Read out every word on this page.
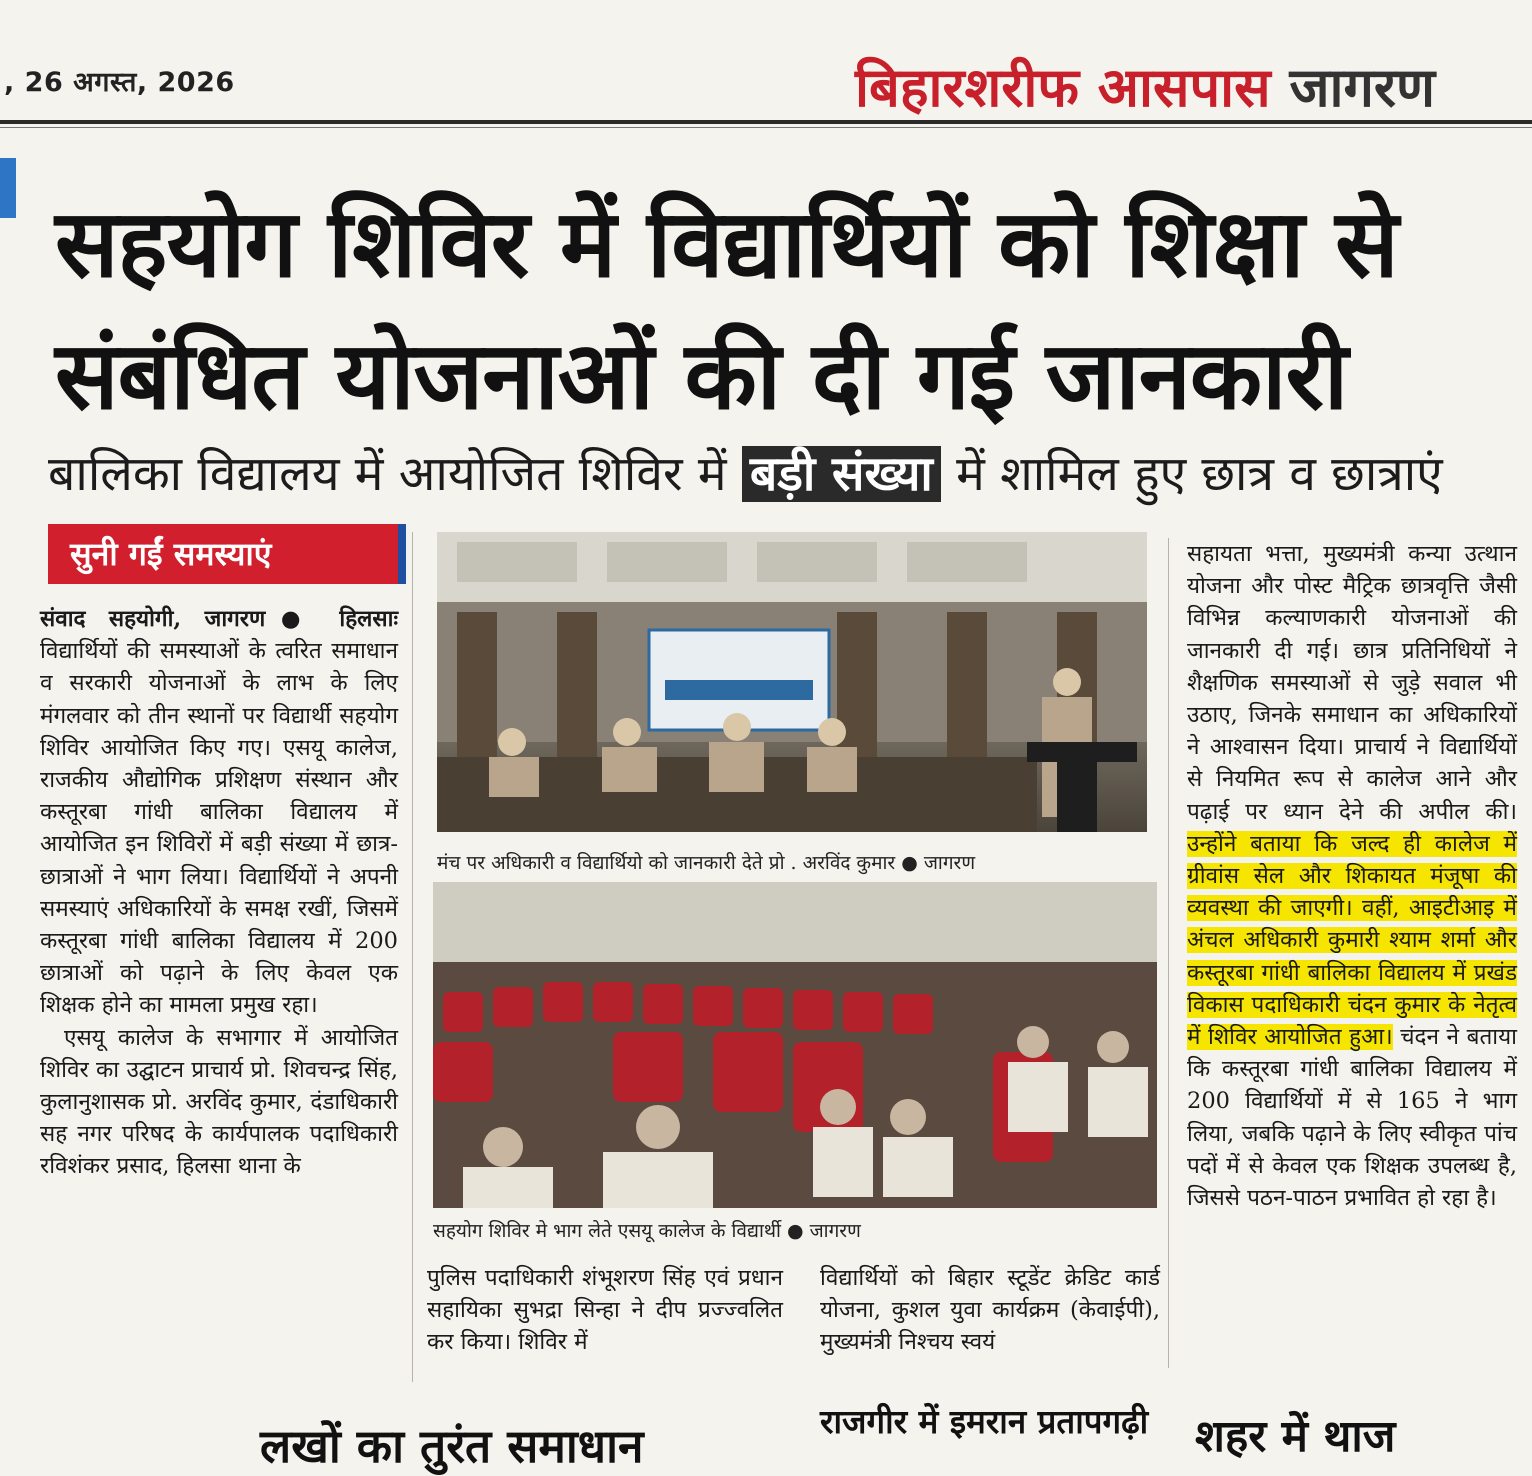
, 26 अगस्त, 2026	बिहारशरीफ आसपास जागरण
सहयोग शिविर में विद्यार्थियों को शिक्षा से
संबंधित योजनाओं की दी गई जानकारी
बालिका विद्यालय में आयोजित शिविर में बड़ी संख्या में शामिल हुए छात्र व छात्राएं
सुनी गईं समस्याएं

संवाद सहयोगी, जागरण● हिलसाः विद्यार्थियों की समस्याओं के त्वरित समाधान व सरकारी योजनाओं के लाभ के लिए मंगलवार को तीन स्थानों पर विद्यार्थी सहयोग शिविर आयोजित किए गए। एसयू कालेज, राजकीय औद्योगिक प्रशिक्षण संस्थान और कस्तूरबा गांधी बालिका विद्यालय में आयोजित इन शिविरों में बड़ी संख्या में छात्र-छात्राओं ने भाग लिया। विद्यार्थियों ने अपनी समस्याएं अधिकारियों के समक्ष रखीं, जिसमें कस्तूरबा गांधी बालिका विद्यालय में 200 छात्राओं को पढ़ाने के लिए केवल एक शिक्षक होने का मामला प्रमुख रहा।

एसयू कालेज के सभागार में आयोजित शिविर का उद्घाटन प्राचार्य प्रो. शिवचन्द्र सिंह, कुलानुशासक प्रो. अरविंद कुमार, दंडाधिकारी सह नगर परिषद के कार्यपालक पदाधिकारी रविशंकर प्रसाद, हिलसा थाना के

मंच पर अधिकारी व विद्यार्थियो को जानकारी देते प्रो . अरविंद कुमार ● जागरण
सहयोग शिविर मे भाग लेते एसयू कालेज के विद्यार्थी ● जागरण
पुलिस पदाधिकारी शंभूशरण सिंह एवं प्रधान सहायिका सुभद्रा सिन्हा ने दीप प्रज्ज्वलित कर किया। शिविर में
विद्यार्थियों को बिहार स्टूडेंट क्रेडिट कार्ड योजना, कुशल युवा कार्यक्रम (केवाईपी), मुख्यमंत्री निश्चय स्वयं
सहायता भत्ता, मुख्यमंत्री कन्या उत्थान योजना और पोस्ट मैट्रिक छात्रवृत्ति जैसी विभिन्न कल्याणकारी योजनाओं की जानकारी दी गई। छात्र प्रतिनिधियों ने शैक्षणिक समस्याओं से जुड़े सवाल भी उठाए, जिनके समाधान का अधिकारियों ने आश्वासन दिया। प्राचार्य ने विद्यार्थियों से नियमित रूप से कालेज आने और पढ़ाई पर ध्यान देने की अपील की। उन्होंने बताया कि जल्द ही कालेज में ग्रीवांस सेल और शिकायत मंजूषा की व्यवस्था की जाएगी। वहीं, आइटीआइ में अंचल अधिकारी कुमारी श्याम शर्मा और कस्तूरबा गांधी बालिका विद्यालय में प्रखंड विकास पदाधिकारी चंदन कुमार के नेतृत्व में शिविर आयोजित हुआ। चंदन ने बताया कि कस्तूरबा गांधी बालिका विद्यालय में 200 विद्यार्थियों में से 165 ने भाग लिया, जबकि पढ़ाने के लिए स्वीकृत पांच पदों में से केवल एक शिक्षक उपलब्ध है, जिससे पठन-पाठन प्रभावित हो रहा है।
लखों का तुरंत समाधान	राजगीर में इमरान प्रतापगढ़ी शहर में थाज
